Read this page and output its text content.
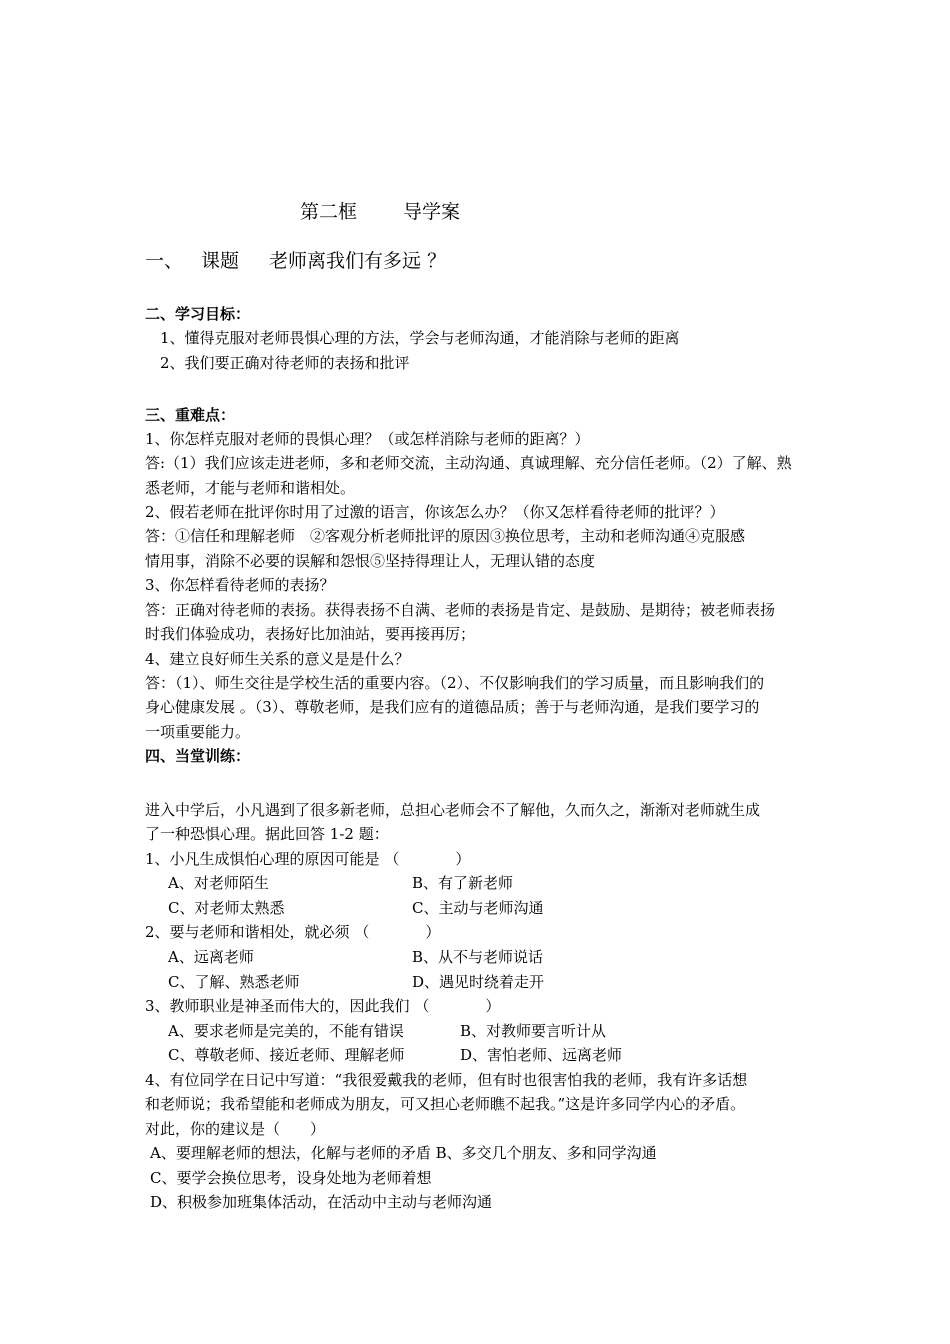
第二框 导学案
一、 课题 老师离我们有多远 ？
二、学习目标：
1、懂得克服对老师畏惧心理的方法，学会与老师沟通，才能消除与老师的距离
2、我们要正确对待老师的表扬和批评
三、重难点：
1、你怎样克服对老师的畏惧心理？（或怎样消除与老师的距离？）
答:（1）我们应该走进老师，多和老师交流，主动沟通、真诚理解、充分信任老师。（2）了解、熟
悉老师，才能与老师和谐相处。
2、假若老师在批评你时用了过激的语言，你该怎么办？（你又怎样看待老师的批评？）
答：①信任和理解老师　②客观分析老师批评的原因③换位思考，主动和老师沟通④克服感
情用事，消除不必要的误解和怨恨⑤坚持得理让人，无理认错的态度
3、你怎样看待老师的表扬？
答：正确对待老师的表扬。获得表扬不自满、老师的表扬是肯定、是鼓励、是期待；被老师表扬
时我们体验成功，表扬好比加油站，要再接再厉；
4、建立良好师生关系的意义是是什么？
答：（1）、师生交往是学校生活的重要内容。（2）、不仅影响我们的学习质量，而且影响我们的
身心健康发展 。（3）、尊敬老师，是我们应有的道德品质；善于与老师沟通，是我们要学习的
一项重要能力。
四、当堂训练：
进入中学后，小凡遇到了很多新老师，总担心老师会不了解他，久而久之，渐渐对老师就生成
了一种恐惧心理。据此回答 1-2 题：
1、小凡生成惧怕心理的原因可能是 （	）
A、对老师陌生	B、有了新老师
C、对老师太熟悉	C、主动与老师沟通
2、要与老师和谐相处，就必须 （	）
A、远离老师	B、从不与老师说话
C、了解、熟悉老师	D、遇见时绕着走开
3、教师职业是神圣而伟大的，因此我们 （	）
A、要求老师是完美的，不能有错误	B、对教师要言听计从
C、尊敬老师、接近老师、理解老师	D、害怕老师、远离老师
4、有位同学在日记中写道：“我很爱戴我的老师，但有时也很害怕我的老师，我有许多话想
和老师说；我希望能和老师成为朋友，可又担心老师瞧不起我。”这是许多同学内心的矛盾。
对此，你的建议是（　　）
A、要理解老师的想法，化解与老师的矛盾 B、多交几个朋友、多和同学沟通
C、要学会换位思考，设身处地为老师着想
D、积极参加班集体活动，在活动中主动与老师沟通
